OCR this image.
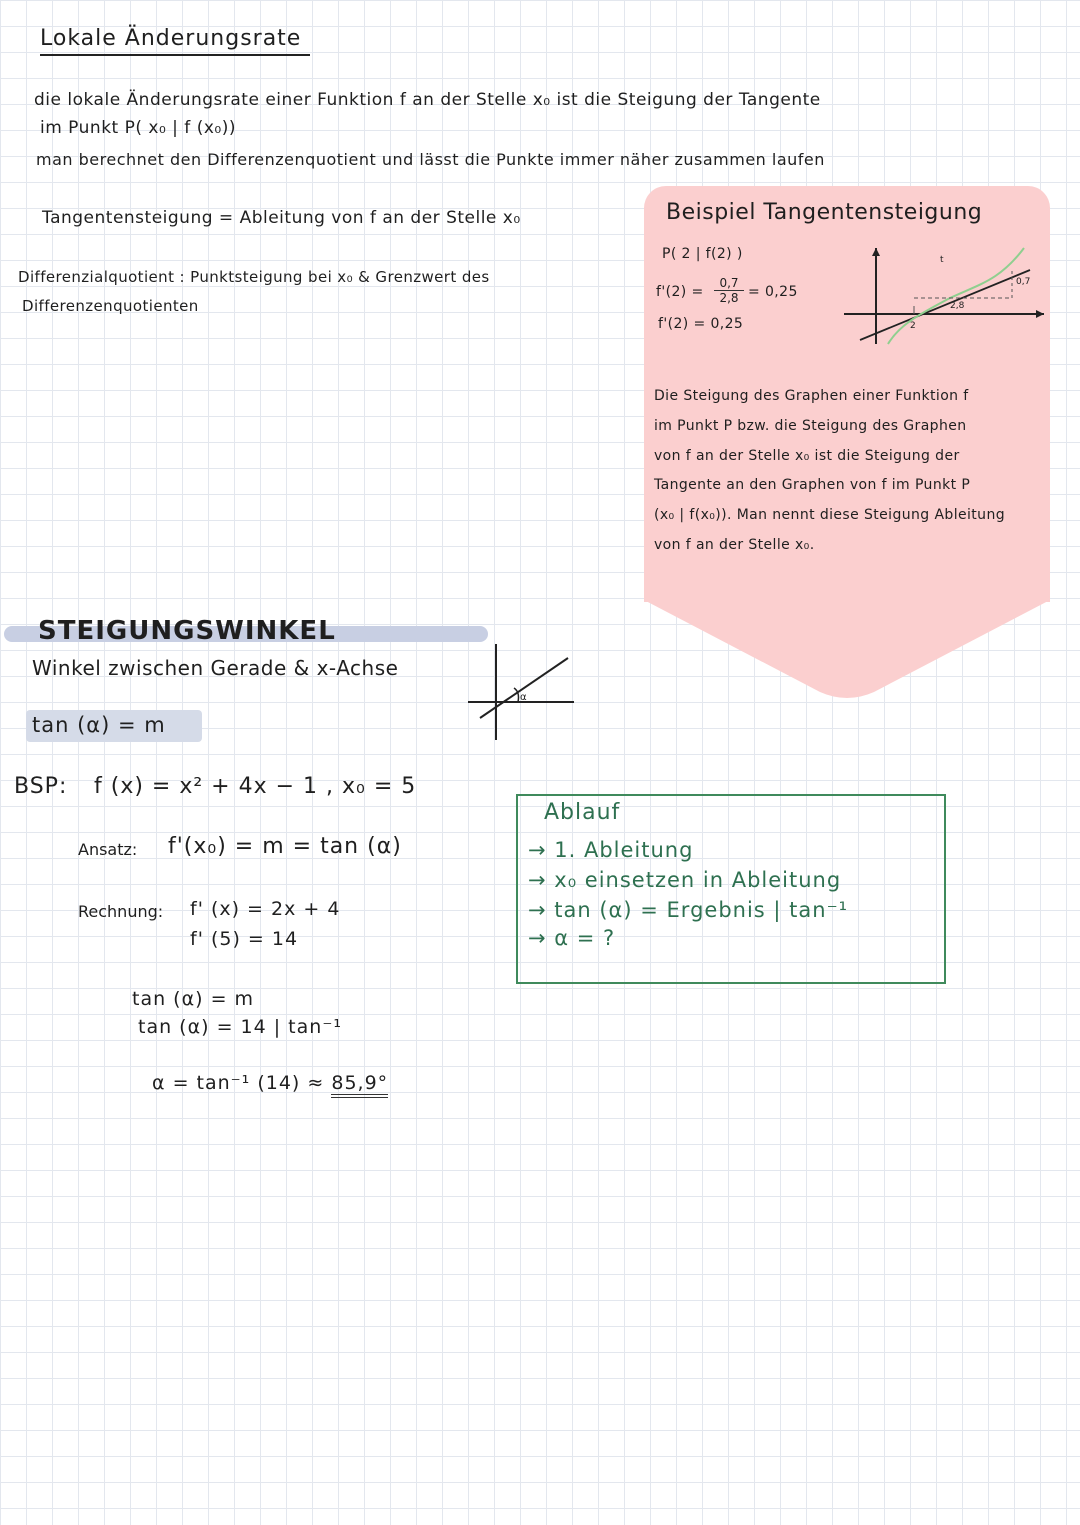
Lokale Änderungsrate
die lokale Änderungsrate einer Funktion f an der Stelle x₀ ist die Steigung der Tangente
im Punkt P( x₀ | f (x₀))
man berechnet den Differenzenquotient und lässt die Punkte immer näher zusammen laufen
Tangentensteigung = Ableitung von f an der Stelle x₀
Differenzialquotient : Punktsteigung bei x₀ & Grenzwert des
Differenzenquotienten
Beispiel Tangentensteigung
P( 2 | f(2) )
$f'(2) = \frac{0,7}{2,8} = 0,25$
f'(2) = 0,25
t
2,8
0,7
2
Die Steigung des Graphen einer Funktion f
im Punkt P bzw. die Steigung des Graphen
von f an der Stelle x₀ ist die Steigung der
Tangente an den Graphen von f im Punkt P
(x₀ | f(x₀)). Man nennt diese Steigung Ableitung
von f an der Stelle x₀.
STEIGUNGSWINKEL
Winkel zwischen Gerade & x-Achse
tan (α) = m
α
BSP: f (x) = x² + 4x − 1 , x₀ = 5
Ansatz: f'(x₀) = m = tan (α)
Rechnung: f' (x) = 2x + 4
f' (5) = 14
tan (α) = m
tan (α) = 14 | tan⁻¹
α = tan⁻¹ (14) ≈ 85,9°
Ablauf
→ 1. Ableitung
→ x₀ einsetzen in Ableitung
→ tan (α) = Ergebnis | tan⁻¹
→ α = ?
